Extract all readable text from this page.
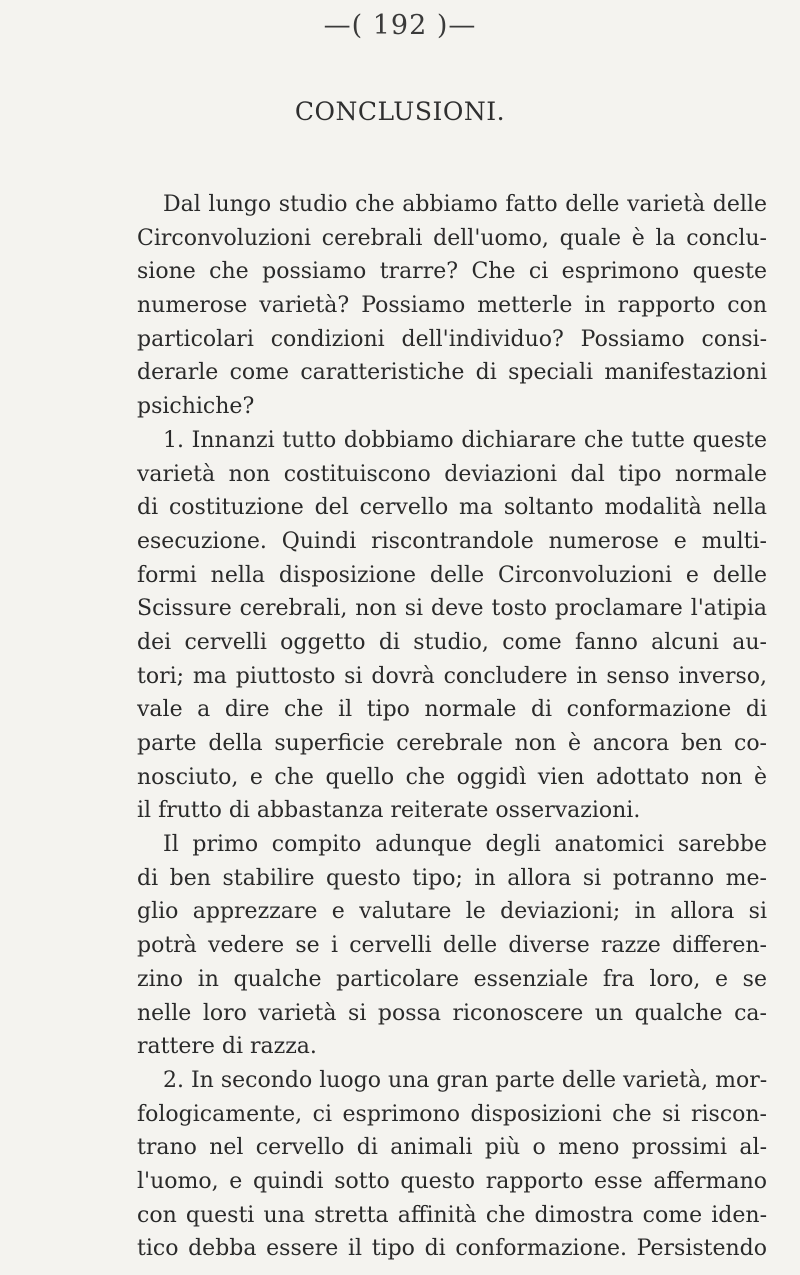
—( 192 )—
CONCLUSIONI.
Dal lungo studio che abbiamo fatto delle varietà delle
Circonvoluzioni cerebrali dell'uomo, quale è la conclu-
sione che possiamo trarre? Che ci esprimono queste
numerose varietà? Possiamo metterle in rapporto con
particolari condizioni dell'individuo? Possiamo consi-
derarle come caratteristiche di speciali manifestazioni
psichiche?
1. Innanzi tutto dobbiamo dichiarare che tutte queste
varietà non costituiscono deviazioni dal tipo normale
di costituzione del cervello ma soltanto modalità nella
esecuzione. Quindi riscontrandole numerose e multi-
formi nella disposizione delle Circonvoluzioni e delle
Scissure cerebrali, non si deve tosto proclamare l'atipia
dei cervelli oggetto di studio, come fanno alcuni au-
tori; ma piuttosto si dovrà concludere in senso inverso,
vale a dire che il tipo normale di conformazione di
parte della superficie cerebrale non è ancora ben co-
nosciuto, e che quello che oggidì vien adottato non è
il frutto di abbastanza reiterate osservazioni.
Il primo compito adunque degli anatomici sarebbe
di ben stabilire questo tipo; in allora si potranno me-
glio apprezzare e valutare le deviazioni; in allora si
potrà vedere se i cervelli delle diverse razze differen-
zino in qualche particolare essenziale fra loro, e se
nelle loro varietà si possa riconoscere un qualche ca-
rattere di razza.
2. In secondo luogo una gran parte delle varietà, mor-
fologicamente, ci esprimono disposizioni che si riscon-
trano nel cervello di animali più o meno prossimi al-
l'uomo, e quindi sotto questo rapporto esse affermano
con questi una stretta affinità che dimostra come iden-
tico debba essere il tipo di conformazione. Persistendo
